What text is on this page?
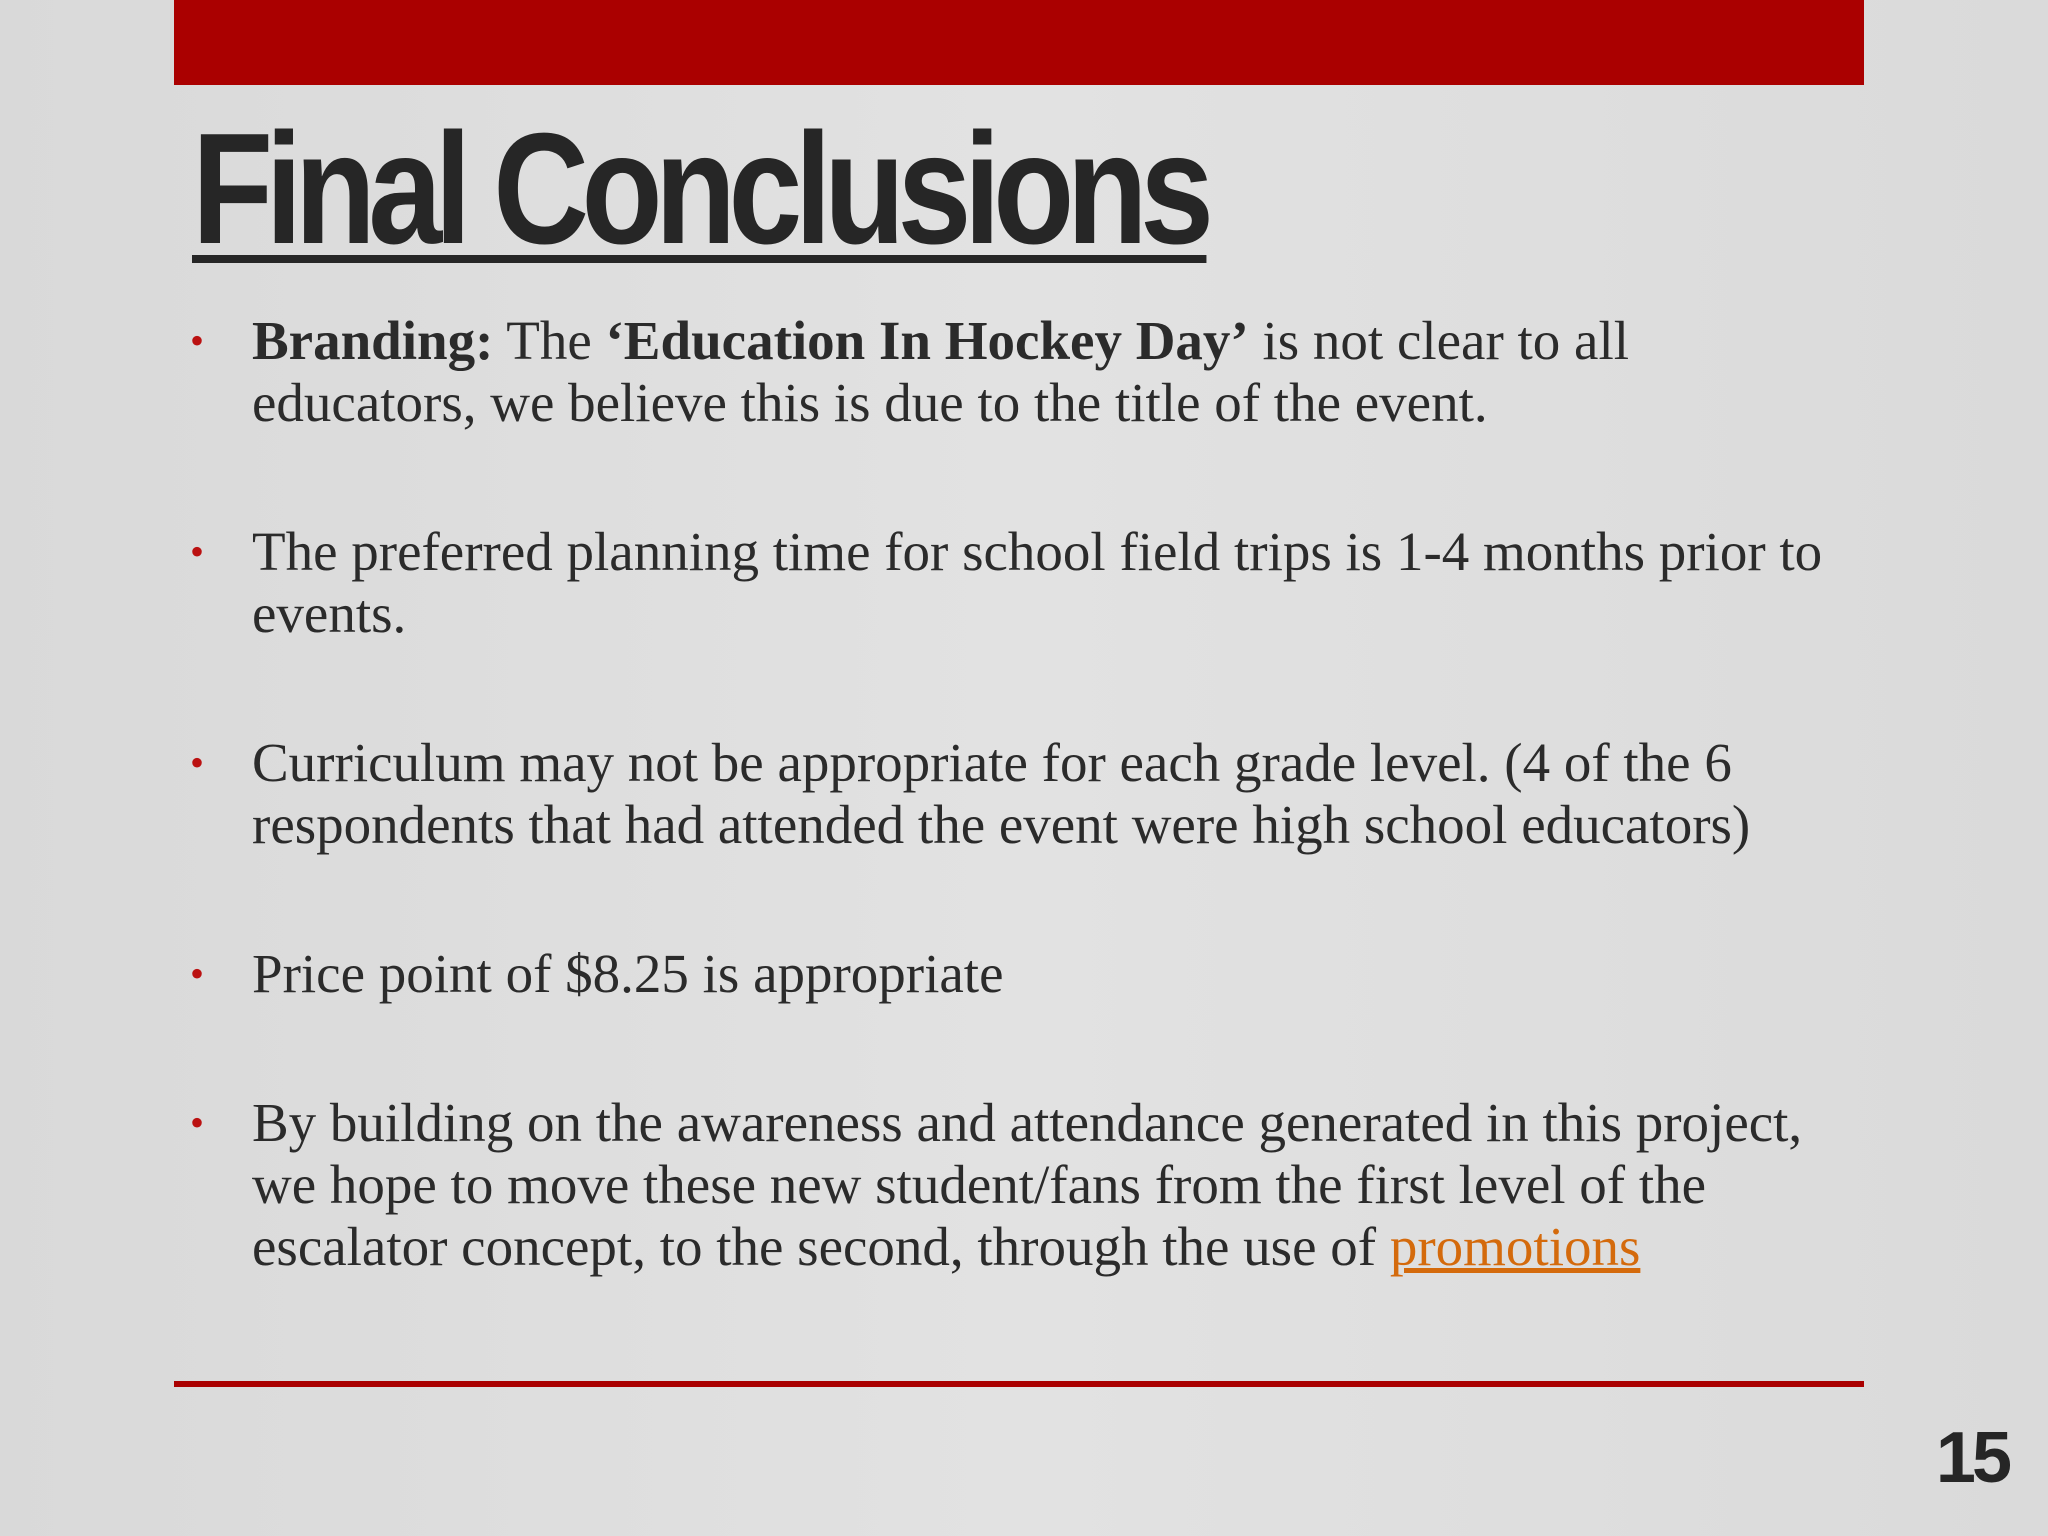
Final Conclusions
• Branding: The ‘Education In Hockey Day’ is not clear to all educators, we believe this is due to the title of the event.
• The preferred planning time for school field trips is 1-4 months prior to events.
• Curriculum may not be appropriate for each grade level. (4 of the 6 respondents that had attended the event were high school educators)
• Price point of $8.25 is appropriate
• By building on the awareness and attendance generated in this project, we hope to move these new student/fans from the first level of the escalator concept, to the second, through the use of promotions
15
